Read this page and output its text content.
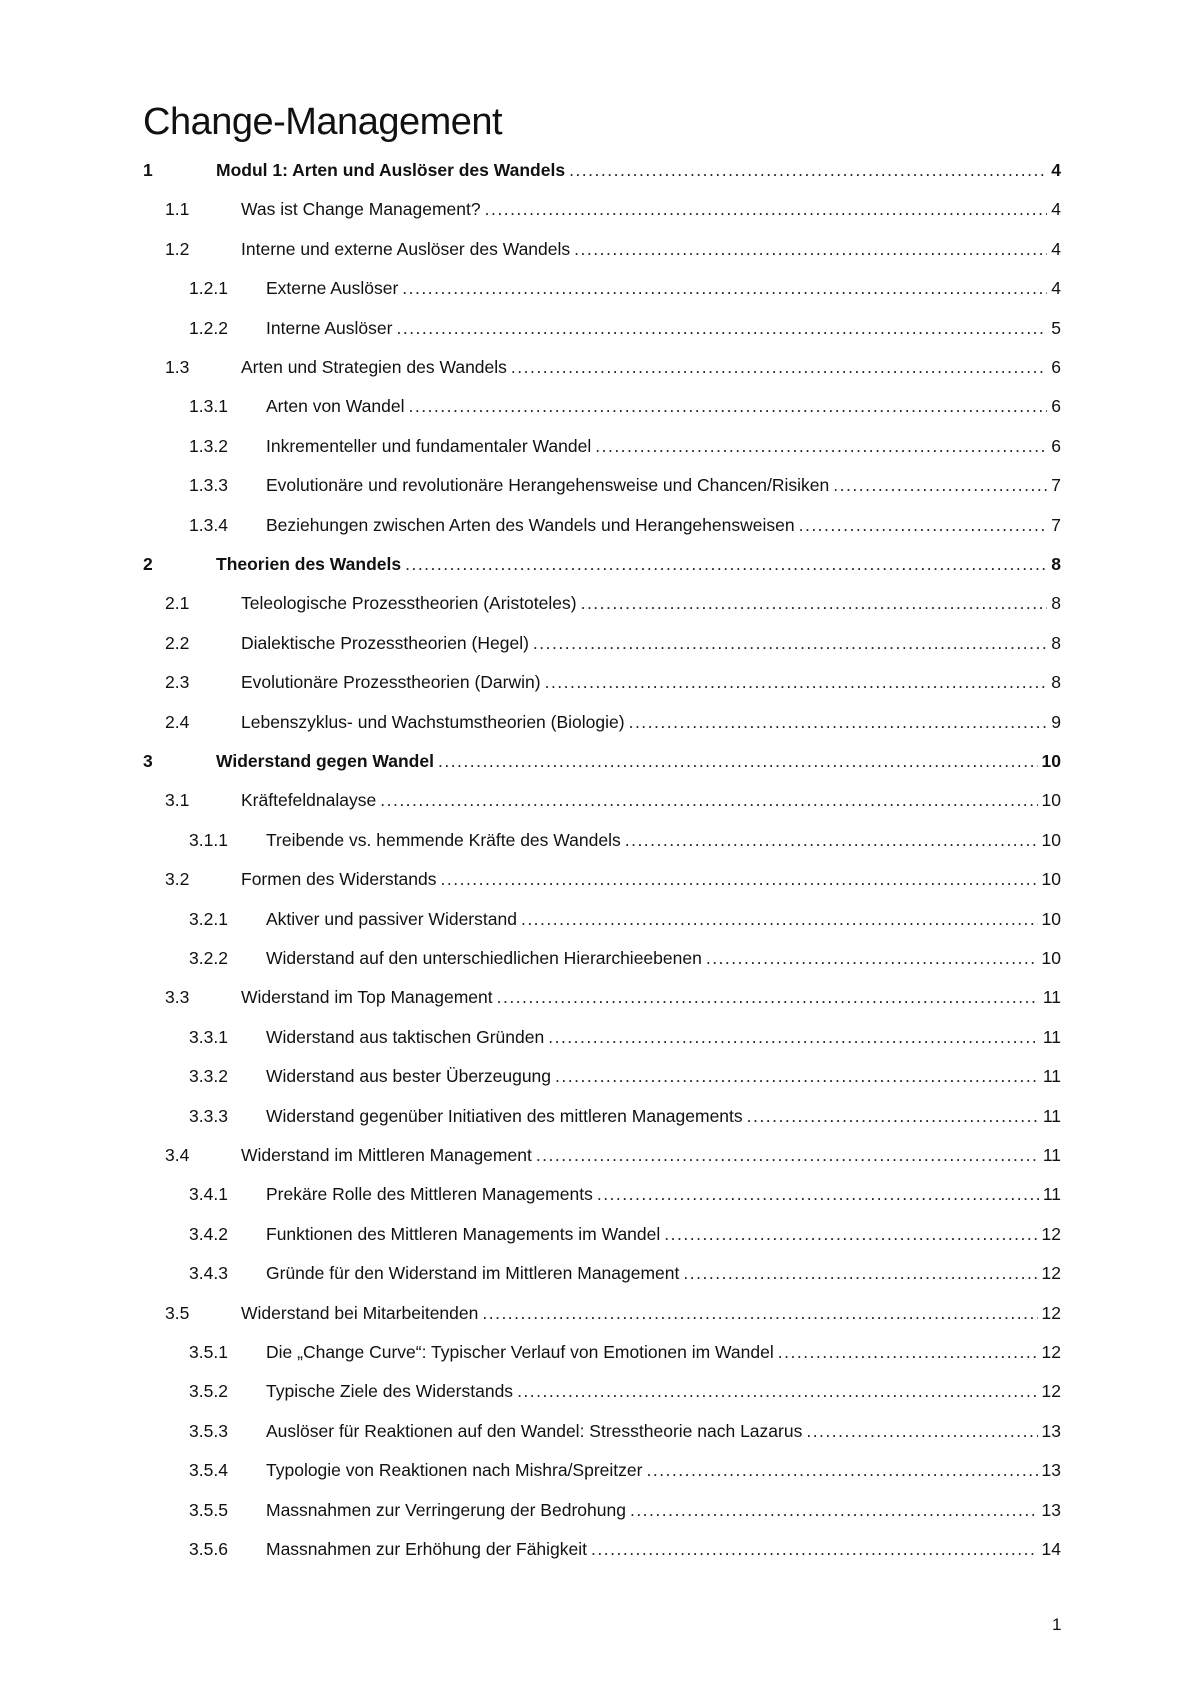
Change-Management
1	Modul 1: Arten und Auslöser des Wandels .....	4
1.1	Was ist Change Management? .....	4
1.2	Interne und externe Auslöser des Wandels .....	4
1.2.1	Externe Auslöser .....	4
1.2.2	Interne Auslöser .....	5
1.3	Arten und Strategien des Wandels .....	6
1.3.1	Arten von Wandel .....	6
1.3.2	Inkrementeller und fundamentaler Wandel .....	6
1.3.3	Evolutionäre und revolutionäre Herangehensweise und Chancen/Risiken .....	7
1.3.4	Beziehungen zwischen Arten des Wandels und Herangehensweisen .....	7
2	Theorien des Wandels .....	8
2.1	Teleologische Prozesstheorien (Aristoteles) .....	8
2.2	Dialektische Prozesstheorien (Hegel) .....	8
2.3	Evolutionäre Prozesstheorien (Darwin) .....	8
2.4	Lebenszyklus- und Wachstumstheorien (Biologie) .....	9
3	Widerstand gegen Wandel .....	10
3.1	Kräftefeldnalayse .....	10
3.1.1	Treibende vs. hemmende Kräfte des Wandels .....	10
3.2	Formen des Widerstands .....	10
3.2.1	Aktiver und passiver Widerstand .....	10
3.2.2	Widerstand auf den unterschiedlichen Hierarchieebenen .....	10
3.3	Widerstand im Top Management .....	11
3.3.1	Widerstand aus taktischen Gründen .....	11
3.3.2	Widerstand aus bester Überzeugung .....	11
3.3.3	Widerstand gegenüber Initiativen des mittleren Managements .....	11
3.4	Widerstand im Mittleren Management .....	11
3.4.1	Prekäre Rolle des Mittleren Managements .....	11
3.4.2	Funktionen des Mittleren Managements im Wandel .....	12
3.4.3	Gründe für den Widerstand im Mittleren Management .....	12
3.5	Widerstand bei Mitarbeitenden .....	12
3.5.1	Die „Change Curve“: Typischer Verlauf von Emotionen im Wandel .....	12
3.5.2	Typische Ziele des Widerstands .....	12
3.5.3	Auslöser für Reaktionen auf den Wandel: Stresstheorie nach Lazarus .....	13
3.5.4	Typologie von Reaktionen nach Mishra/Spreitzer .....	13
3.5.5	Massnahmen zur Verringerung der Bedrohung .....	13
3.5.6	Massnahmen zur Erhöhung der Fähigkeit .....	14
1
